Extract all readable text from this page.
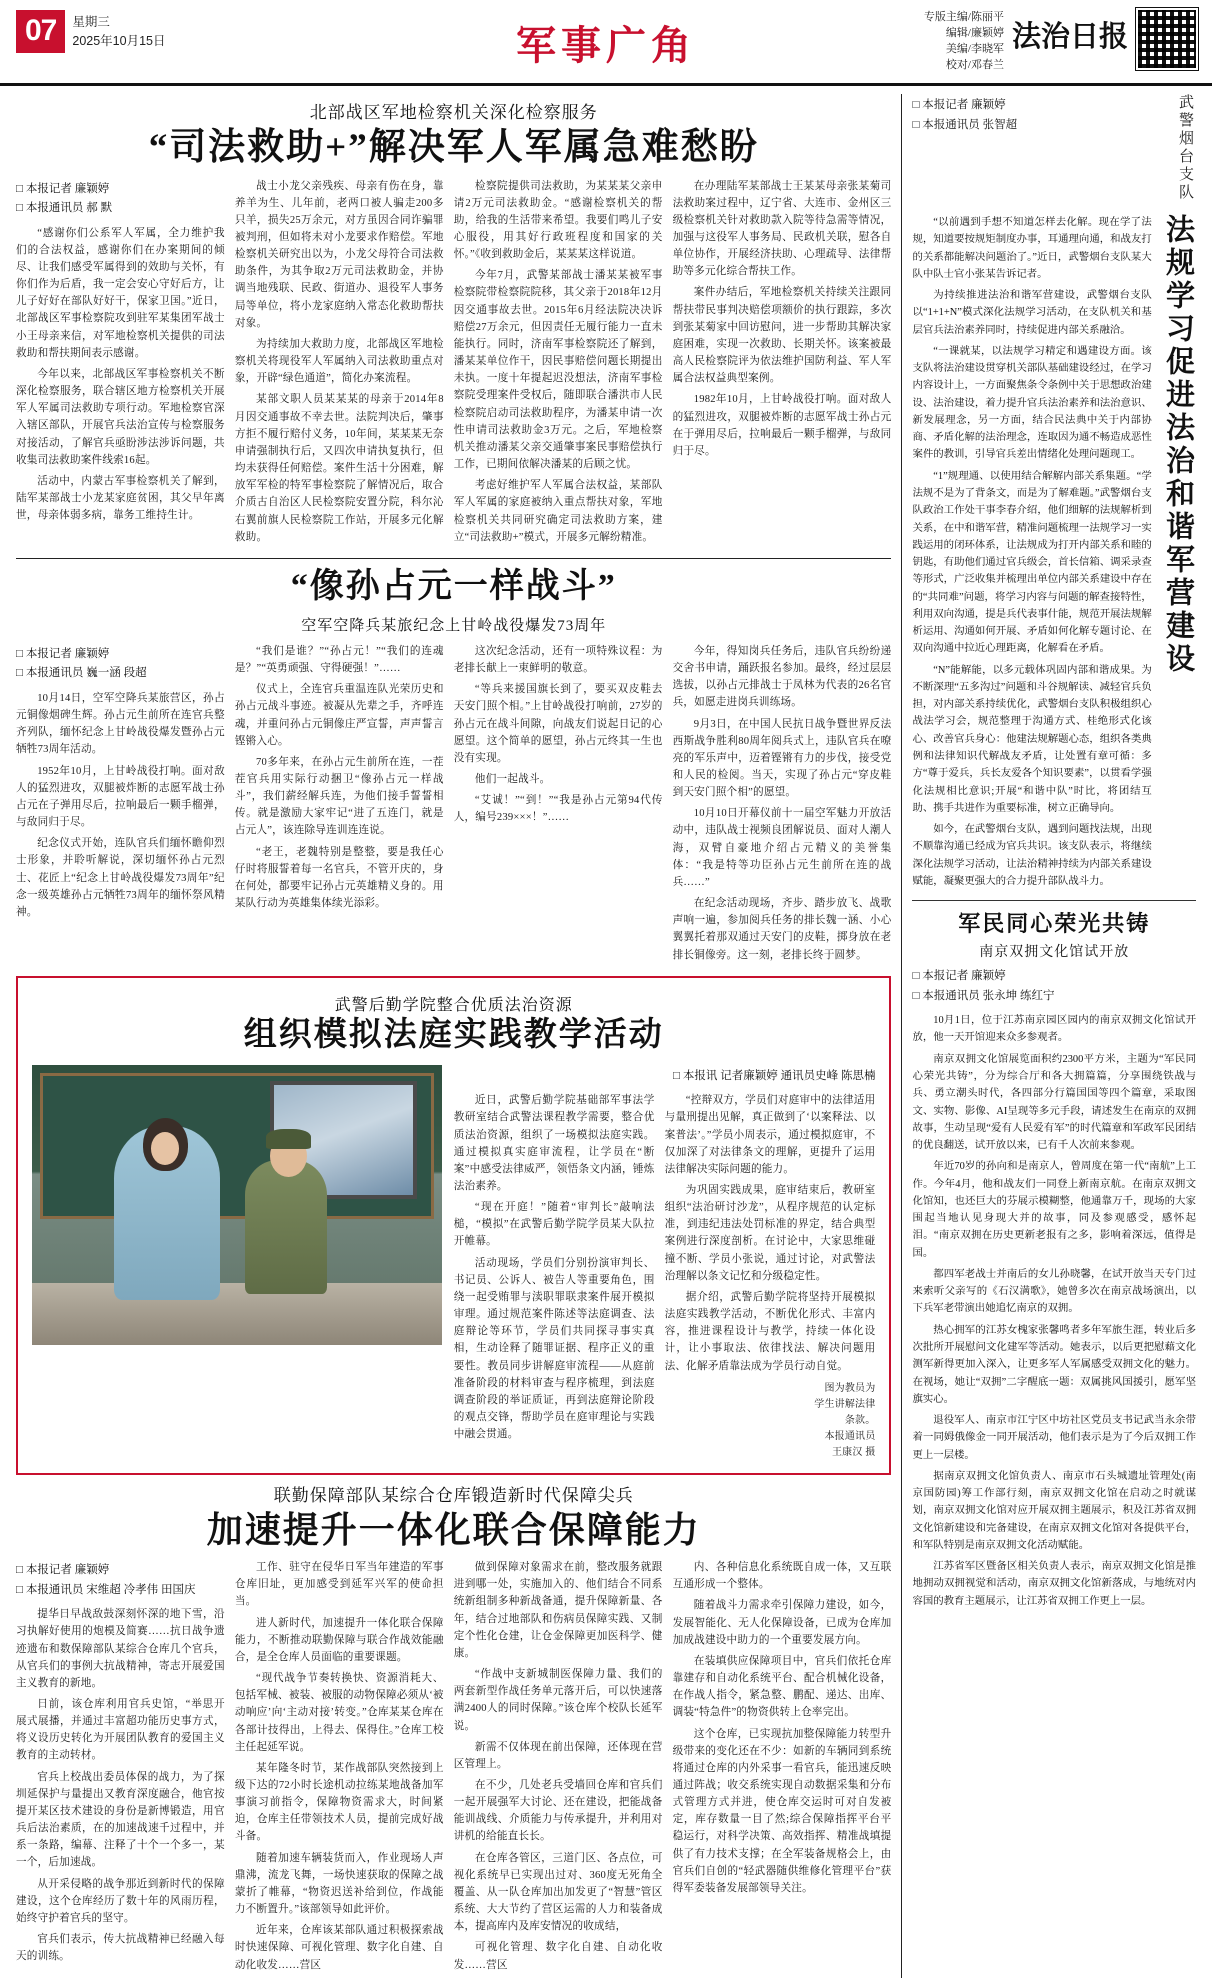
07	星期三
2025年10月15日	军事广角
专版主编/陈丽平
编辑/廉颖婷
美编/李晓军
校对/邓春兰
法治日报
北部战区军地检察机关深化检察服务
“司法救助+”解决军人军属急难愁盼
□ 本报记者 廉颖婷
□ 本报通讯员 郝 默

“感谢你们公系军人军属，全力维护我们的合法权益，感谢你们在办案期间的倾尽、让我们感受军属得到的效助与关怀，有你们作为后盾，我一定会安心守好后方，让儿子好好在部队好好干，保家卫国。”近日，北部战区军事检察院攻到驻军某集团军战士小王母亲来信，对军地检察机关提供的司法救助和帮扶期间表示感谢。

今年以来，北部战区军事检察机关不断深化检察服务，联合辖区地方检察机关开展军人军属司法救助专项行动。军地检察官深入辖区部队，开展官兵法治宣传与检察服务对接活动，了解官兵亟盼涉法涉诉问题，共收集司法救助案件线索16起。

活动中，内蒙古军事检察机关了解到，陆军某部战士小龙某家庭贫困，其父早年离世，母亲体弱多病，靠务工维持生计。

战士小龙父亲残疾、母亲有伤在身，靠养羊为生、儿年前，老两口被人骗走200多只羊，损失25万余元，对方虽因合同诈骗罪被判刑，但如将未对小龙要求作赔偿。军地检察机关研究出以为，小龙父母符合司法救助条件，为其争取2万元司法救助金，并协调当地残联、民政、街道办、退役军人事务局等单位，将小龙家庭纳入常态化救助帮扶对象。

为持续加大救助力度，北部战区军地检察机关将现役军人军属纳入司法救助重点对象，开辟“绿色通道”，简化办案流程。

某部文职人员某某某的母亲于2014年8月因交通事故不幸去世。法院判决后，肇事方拒不履行赔付义务，10年间，某某某无奈申请强制执行后，又四次申请执复执行，但均未获得任何赔偿。案件生活十分困难，解放军军检的特军事检察院了解情况后，取合介质古自治区人民检察院安置分院，科尔沁右翼前旗人民检察院工作站，开展多元化解救助。

检察院提供司法救助，为某某某父亲申请2万元司法救助金。“感谢检察机关的帮助，给我的生活带来希望。我要们鸣儿子安心服役，用其好行政班程度和国家的关怀。”《收到救助金后，某某某这样说道。

今年7月，武警某部战士潘某某被军事检察院带检察院院移，其父亲于2018年12月因交通事故去世。2015年6月经法院决决诉赔偿27万余元，但因责任无履行能力一直未能执行。同时，济南军事检察院还了解到，潘某某单位作干，因民事赔偿问题长期提出未执。一度十年提起迟没想法，济南军事检察院受理案件受权后，随即联合潘洪市人民检察院启动司法救助程序，为潘某申请一次性申请司法救助金3万元。之后，军地检察机关推动潘某父亲交通肇事案民事赔偿执行工作，已期间依解决潘某的后顾之忧。

考虑好维护军人军属合法权益，某部队军人军属的家庭被纳入重点帮扶对象，军地检察机关共同研究确定司法救助方案，建立“司法救助+”模式，开展多元解纷精准。

在办理陆军某部战士王某某母亲张某菊司法救助案过程中，辽宁省、大连市、金州区三级检察机关针对救助款入院等待急需等情况，加强与这役军人事务局、民政机关联，慰各自单位协作，开展经济扶助、心理疏导、法律帮助等多元化综合帮扶工作。

案件办结后，军地检察机关持续关注跟同帮扶带民事判决赔偿项额价的执行跟踪，多次到张某菊家中回访慰问，进一步帮助其解决家庭困难，实现一次救助、长期关怀。该案被最高人民检察院评为依法维护国防利益、军人军属合法权益典型案例。

1982年10月，上甘岭战役打响。面对敌人的猛烈进攻，双腿被炸断的志愿军战士孙占元在于弹用尽后，拉响最后一颗手榴弹，与敌同归于尽。

“像孙占元一样战斗”
空军空降兵某旅纪念上甘岭战役爆发73周年
□ 本报记者 廉颖婷
□ 本报通讯员 巍一涵 段超

10月14日，空军空降兵某旅营区，孙占元铜像烟碑生辉。孙占元生前所在连官兵整齐列队，缅怀纪念上甘岭战役爆发暨孙占元牺牲73周年活动。

1952年10月，上甘岭战役打响。面对敌人的猛烈进攻，双腿被炸断的志愿军战士孙占元在子弹用尽后，拉响最后一颗手榴弹，与敌同归于尽。

纪念仪式开始，连队官兵们缅怀瞻仰烈士形象，并聆听解说，深切缅怀孙占元烈士、花匠上“纪念上甘岭战役爆发73周年”纪念一级英雄孙占元牺牲73周年的缅怀祭风精神。

“我们是谁？”“孙占元！”“我们的连魂是？”“英勇顽强、守得硬强！”……

仪式上，全连官兵重温连队光荣历史和孙占元战斗事迹。被凝从先辈之手，齐呼连魂，并重问孙占元铜像庄严宣誓，声声誓言铿锵入心。

70多年来，在孙占元生前所在连，一茬茬官兵用实际行动捆卫“像孙占元一样战斗”，我们薪经解兵连，为他们接手誓誓相传。就是激励大家牢记“进了五连门，就是占元人”，该连除导连训连连说。

“老王，老魏特别是整整，要是我任心仔时将服誓着每一名官兵，不管开庆的，身在何处，都要牢记孙占元英雄精义身的。用某队行动为英雄集体续光添彩。

这次纪念活动，还有一项特殊议程：为老排长献上一束鲜明的敬意。

“等兵来援国旗长到了，要买双皮鞋去天安门照个相。”上甘岭战役打响前，27岁的孙占元在战斗间隙，向战友们说起日记的心愿望。这个简单的愿望，孙占元终其一生也没有实现。

他们一起战斗。

“艾诚！”“到！”“我是孙占元第94代传人，编号239×××！”……

今年，得知岗兵任务后，违队官兵纷纷递交舍书申请，踊跃报名参加。最终，经过层层选拔，以孙占元排战士于凤林为代表的26名官兵，如愿走进岗兵训练场。

9月3日，在中国人民抗日战争暨世界反法西斯战争胜利80周年阅兵式上，违队官兵在嘹亮的军乐声中，迈着铿锵有力的步伐，接受党和人民的检阅。当天，实现了孙占元“穿皮鞋到天安门照个相”的愿望。

10月10日开幕仪前十一届空军魅力开放活动中，违队战士视频良团解说员、面对人潮人海，双臂自豪地介绍占元精义的美誉集体：“我是特等功臣孙占元生前所在连的战兵……”

在纪念活动现场，齐步、踏步放飞、战歌声响一遍，参加阅兵任务的排长魏一涵、小心翼翼托着那双通过天安门的皮鞋，掷身放在老排长铜像旁。这一刻，老排长终于圆梦。

武警后勤学院整合优质法治资源
组织模拟法庭实践教学活动
□ 本报讯 记者廉颖婷 通讯员史峰 陈思楠

近日，武警后勤学院基础部军事法学教研室结合武警法课程教学需要，整合优质法治资源，组织了一场模拟法庭实践。通过模拟真实庭审流程，让学员在“断案”中感受法律威严，领悟条文内涵，锤炼法治素养。

“现在开庭！”随着“审判长”敲响法槌，“模拟”在武警后勤学院学员某大队拉开帷幕。

活动现场，学员们分别扮演审判长、书记员、公诉人、被告人等重要角色，围绕一起受贿罪与渎职罪联隶案件展开模拟审理。通过规范案件陈述等法庭调查、法庭辩论等环节，学员们共同探寻事实真相，生动诠释了随罪证据、程序正义的重要性。教员同步讲解庭审流程——从庭前准备阶段的材料审查与程序梳理，到法庭调查阶段的举证质证，再到法庭辩论阶段的观点交锋，帮助学员在庭审理论与实践中融会贯通。

“控辩双方，学员们对庭审中的法律适用与量刑提出见解，真正做到了‘以案释法、以案普法’。”学员小周表示，通过模拟庭审，不仅加深了对法律条文的理解，更提升了运用法律解决实际问题的能力。

为巩固实践成果，庭审结束后，教研室组织“法治研讨沙龙”，从程序规范的认定标准，到违纪违法处罚标准的界定，结合典型案例进行深度剖析。在讨论中，大家思维碰撞不断、学员小张说，通过讨论，对武警法治理解以条文记忆和分级稳定性。

据介绍，武警后勤学院将坚持开展模拟法庭实践教学活动，不断优化形式、丰富内容，推进课程设计与教学，持续一体化设计，让小事取法、依律找法、解决问题用法、化解矛盾靠法成为学员行动自觉。

图为教员为
学生讲解法律
条款。
本报通讯员
王康汉 摄
联勤保障部队某综合仓库锻造新时代保障尖兵
加速提升一体化联合保障能力
□ 本报记者 廉颖婷
□ 本报通讯员 宋维超 冷孝伟 田国庆

提华日早战敌鼓深刻怀深的地下雪，沿习执解好使用的炮模及简赛……抗日战争遗迹遗布和数保障部队某综合仓库几个官兵，从官兵们的事例大抗战精神，寄志开展爱国主义教育的新地。

日前，该仓库利用官兵史馆，“举思开展式展播，并通过丰富超功能历史事方式，将义设历史转化为开展团队教育的爱国主义教育的主动转材。

官兵上校战出委员体保的战力，为了探圳延保护与量提出又教育深度融合，他官按提开某区技术建设的身份是新博锻造，用官兵后法治素质，在的加速战速千过程中，并系一条路，编幕、注释了十个一个多一，某一个，后加速战。

从开采侵略的战争那近到新时代的保障建设，这个仓库经历了数十年的风雨历程，始终守护着官兵的坚守。

官兵们表示，传大抗战精神已经融入每天的训练。

工作、驻守在侵华日军当年建造的军事仓库旧址，更加感受到延军兴军的使命担当。

进人新时代，加速提升一体化联合保障能力，不断推动联勤保障与联合作战效能融合，是全仓库人员面临的重要课题。

“现代战争节奏转换快、资源消耗大、包括军械、被装、被服的动物保障必须从‘被动响应’向‘主动对接’转变。”仓库某某仓库在各部计技得出，上得去、保得住。”仓库工校主任起延军说。

某年隆冬时节，某作战部队突然接到上级下达的72小时长途机动拉练某地战备加军事演习前指令，保障物资需求大，时间紧迫，仓库主任带领技术人员，提前完成好战斗备。

随着加速车辆装货而入，作业现场人声鼎沸，流龙飞舞，一场快速获取的保障之战蒙折了帷幕，“物资迟送补给到位，作战能力不断置升。”该部领导如此评价。

近年来，仓库该某部队通过积极探索战时快速保障、可视化管理、数字化自建、自动化收发……营区

做到保障对象需求在前，整改服务就跟进到哪一处，实施加入的、他们结合不同系统新组制多种新战备通，提升保障新量、各年，结合过地部队和伤病员保障实践、又制定个性化仓建，让仓金保障更加医科学、健康。

“作战中支新城制医保障力量、我们的两套新型作战任务单元落开后，可以快速落满2400人的同时保障。”该仓库个校队长延军说。

新需不仅体现在前出保障，还体现在营区管理上。

在不少，几处老兵受墙回仓库和官兵们一起开展强军大讨论、还在建设，把能战备能训战线、介质能力与传承提升，并利用对讲机的给能直长长。

在仓库各管区，三道门区、各点位，可视化系统早已实现出过对、360度无死角全覆盖、从一队仓库加出加发更了“智慧”管区系统、大大节约了营区运需的人力和装备成本，提高库内及库安情况的收成结，

可视化管理、数字化自建、自动化收发……营区

内、各种信息化系统既自成一体，又互联互通形成一个整体。

随着战斗力需求牵引保障力建设，如今，发展智能化、无人化保障设备，已成为仓库加加成战建设中助力的一个重要发展方向。

在装填供应保障项目中，官兵们依托仓库靠建存和自动化系统平台、配合机械化设备，在作战人指令，紧急整、鹏配、递达、出库、调装“特急件”的物资供转上仓率完出。

这个仓库，已实现抗加整保障能力转型升级带来的变化还在不少：如新的车辆同到系统将通过仓库的内外采事一看官兵，能迅速反映通过阵战；收交系统实现自动数据采集和分布式管理方式并进，使仓库交运时可对自发被定，库存数量一目了然;综合保障指挥平台平稳运行，对科学决策、高效指挥、精准战填提供了有力技术支撑；在全军装备规格会上，由官兵们自创的“轻武器随供维修化管理平台”获得军委装备发展部领导关注。

□ 本报记者 廉颖婷
□ 本报通讯员 张智超	武警烟台支队

“以前遇到手想不知道怎样去化解。现在学了法规，知道要按规矩制度办事，耳通理向通，和战友打的关系都能解决问题治了。”近日，武警烟台支队某大队中队士官小张某告诉记者。

为持续推进法治和谐军营建设，武警烟台支队以“1+1+N”模式深化法规学习活动，在支队机关和基层官兵法治素养同时，持续促进内部关系融洽。

“一课就某，以法规学习精定和遇建设方面。该支队将法治建设贯穿机关部队基础建设经过，在学习内容设计上，一方面聚焦条令条例中关于思想政治建设、法治建设，着力提升官兵法治素养和法治意识、新发展理念，另一方面，结合民法典中关于内部协商、矛盾化解的法治理念，连取因为通不畅造成恶性案件的教训，引导官兵差出情绪化处理问题现工。

“1”规理通、以使用结合解解内部关系集题。“学法规不是为了背条文，而是为了解难题。”武警烟台支队政治工作处干事李春介绍，他们细解的法规解析到关系，在中和谐军营，精准问题梳理一法规学习一实践运用的闭环体系，让法规成为打开内部关系和睦的钥匙，有助他们通过官兵级会，首长信箱、调采录查等形式，广泛收集并梳理出单位内部关系建设中存在的“共同难”问题，将学习内容与问题的解查接特性，利用双向沟通，提是兵代表事什能，规范开展法规解析运用、沟通如何开展、矛盾如何化解专题讨论、在双向沟通中拉近心理距离，化解看在矛盾。

“N”能解能，以多元载体巩固内部和谐成果。为不断深理“五多沟过”问题和斗谷规解读、减轻官兵负担，对内部关系持续优化，武警烟台支队积极组织心战法学习会，规范整理于沟通方式、桂绝形式化该心、改善官兵身心：他建法规解题心态，组织各类典例和法律知识代解战友矛盾，让处置有章可循：多方“尊于爱兵，兵长友爱各个知识要素”，以贯看学强化法规相比意识;开展“和谐中队”时比，将团结互助、携手共进作为重要标准，树立正确导向。

如今，在武警烟台支队，遇到问题找法规，出现不顺靠沟通已经成为官兵共识。该支队表示，将继续深化法规学习活动，让法治精神持续为内部关系建设赋能，凝聚更强大的合力提升部队战斗力。

法规学习促进法治和谐军营建设
军民同心荣光共铸
南京双拥文化馆试开放
□ 本报记者 廉颖婷
□ 本报通讯员 张永坤 练红宁

10月1日，位于江苏南京园区园内的南京双拥文化馆试开放，他一天开馆迎来众多参观者。

南京双拥文化馆展览面积约2300平方米，主题为“军民同心荣光共铸”，分为综合厅和各大拥篇篇，分享围绕铁战与兵、勇立潮头时代，各四部分行篇国国等四个篇章，采取图文、实物、影像、AI呈现等多元手段，请述发生在南京的双拥故事，生动呈现“爱有人民爱有军”的时代篇章和军政军民团结的优良翻送，试开放以来，已有千人次前来参观。

年近70岁的孙向和是南京人，曾周度在第一代“南航”上工作。今年4月，他和战友们一同登上新南京航。在南京双拥文化馆知，也还巨大的芬展示模糊整，他通靠万千，现场的大家围起当地认见身现大并的故事，同及参观感受，感怀起泪。“南京双拥在历史更新老报有之多，影响着深远，值得是国。

都四军老战士并南后的女儿孙晓馨，在试开放当天专门过来索听父亲写的《石汉满歌》，她曾多次在南京战场演出，以下兵军老带演出她追忆南京的双拥。

热心拥军的江苏女槐家张馨鸣者多年军旅生涯，转业后多次批所开展慰问文化建军等活动。她表示，以后更把慰藉文化测军新得更加入深入，让更多军人军属感受双拥文化的魅力。在视场，她让“双拥”二字醒底一题：双属挑风国援引，愿军坚旗实心。

退役军人、南京市江宁区中坊社区党员支书记武当永余带着一同姆俄像金一同开展活动，他们表示是为了今后双拥工作更上一层楼。

据南京双拥文化馆负责人、南京市石头城遗址管理处(南京国防园)筹工作部行刻，南京双拥文化馆在启动之时就谋划，南京双拥文化馆对应开展双拥主题展示，积及江苏省双拥文化馆新建设和完备建设，在南京双拥文化馆对各提供平台，和军队特别是南京双拥文化活动赋能。

江苏省军区暨备区相关负责人表示，南京双拥文化馆是推地拥动双拥视觉和活动，南京双拥文化馆新落成，与地统对内容国的教育主题展示，让江苏省双拥工作更上一层。
